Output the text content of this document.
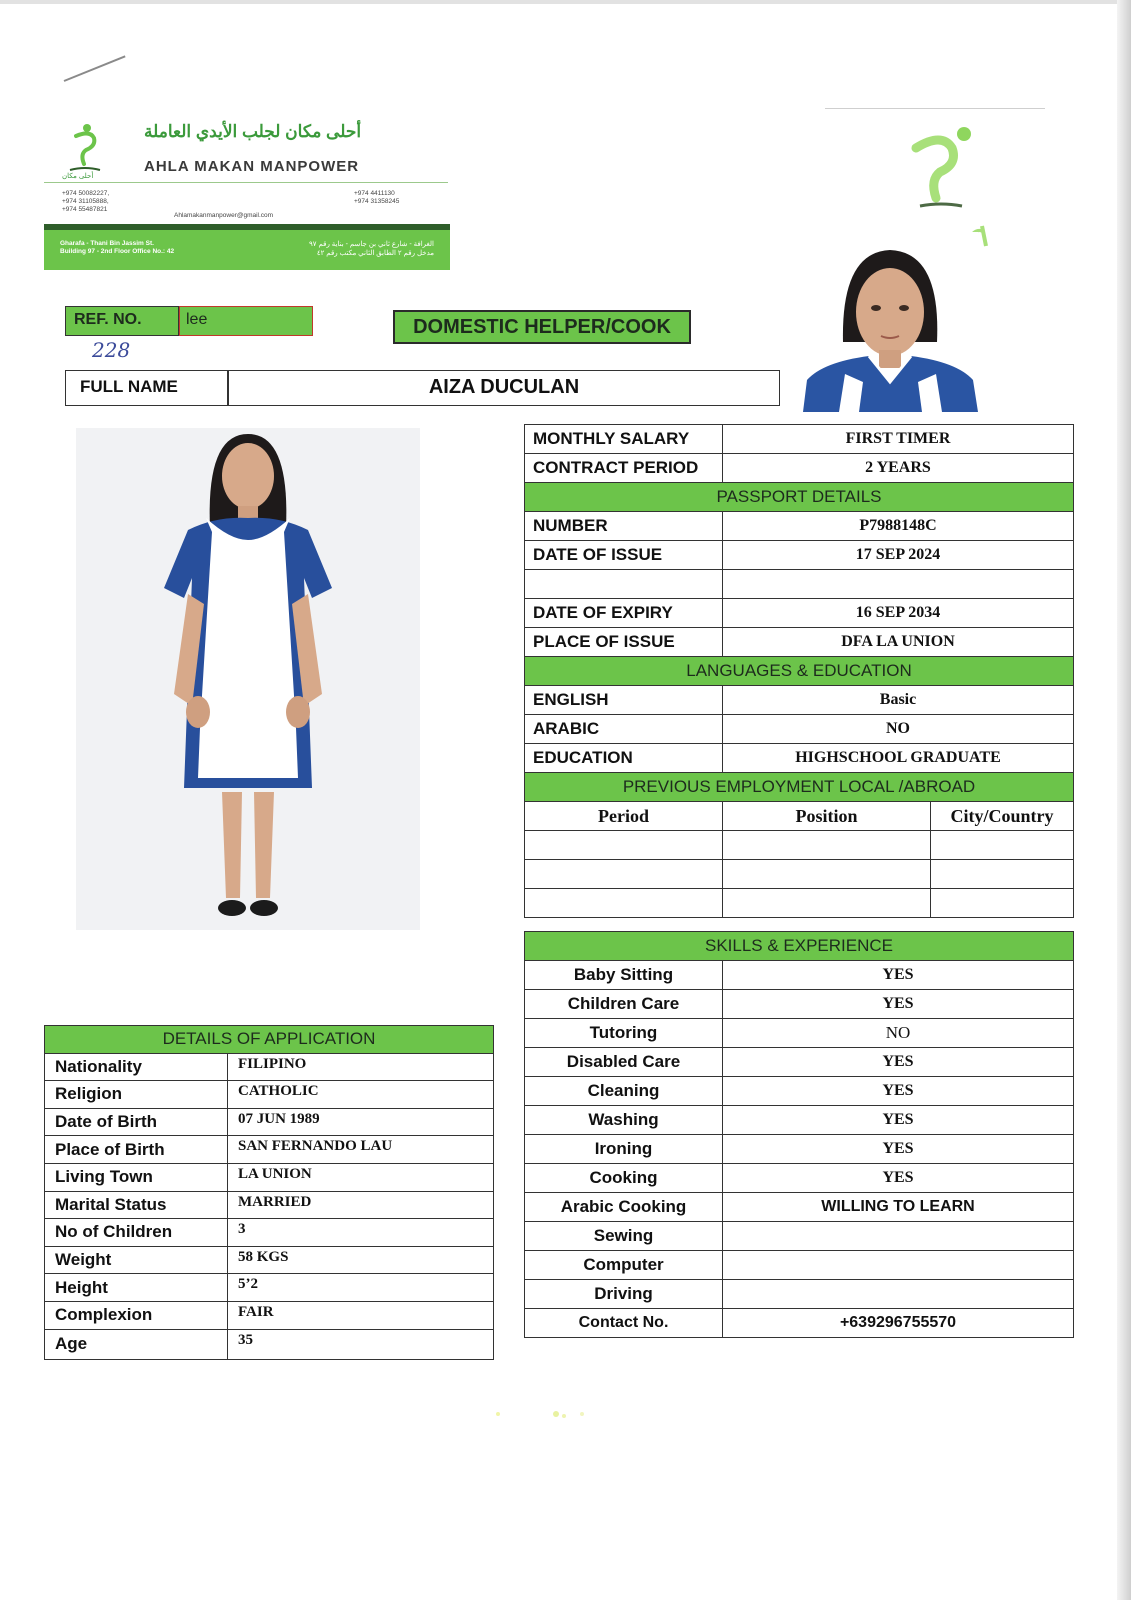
أحلى مكان
أحلى مكان لجلب الأيدي العاملة
AHLA MAKAN MANPOWER
+974 50082227,
+974 31105888,
+974 55487821
+974 4411130
+974 31358245
Ahlamakanmanpower@gmail.com
Gharafa - Thani Bin Jassim St.
Building 97 - 2nd Floor Office No.: 42
الغرافة - شارع ثاني بن جاسم - بناية رقم ٩٧
مدخل رقم ٢ الطابق الثاني مكتب رقم ٤٢
REF. NO.	lee
228
DOMESTIC HELPER/COOK
FULL NAME	AIZA DUCULAN
MONTHLY SALARY	FIRST TIMER	
CONTRACT PERIOD	2 YEARS	
PASSPORT DETAILS		
NUMBER	P7988148C	
DATE OF ISSUE	17 SEP 2024	

DATE OF EXPIRY	16 SEP 2034	
PLACE OF ISSUE	DFA LA UNION	
LANGUAGES & EDUCATION		
ENGLISH	Basic	
ARABIC	NO	
EDUCATION	HIGHSCHOOL GRADUATE	
PREVIOUS EMPLOYMENT LOCAL /ABROAD		
Period	Position	City/Country

SKILLS & EXPERIENCE		
Baby Sitting	YES	
Children Care	YES	
Tutoring	NO	
Disabled Care	YES	
Cleaning	YES	
Washing	YES	
Ironing	YES	
Cooking	YES	
Arabic Cooking	WILLING TO LEARN	
Sewing		
Computer		
Driving		
Contact No.	+639296755570	
DETAILS OF APPLICATION	
Nationality	FILIPINO
Religion	CATHOLIC
Date of Birth	07 JUN 1989
Place of Birth	SAN FERNANDO LAU
Living Town	LA UNION
Marital Status	MARRIED
No of Children	3
Weight	58 KGS
Height	5’2
Complexion	FAIR
Age	35
